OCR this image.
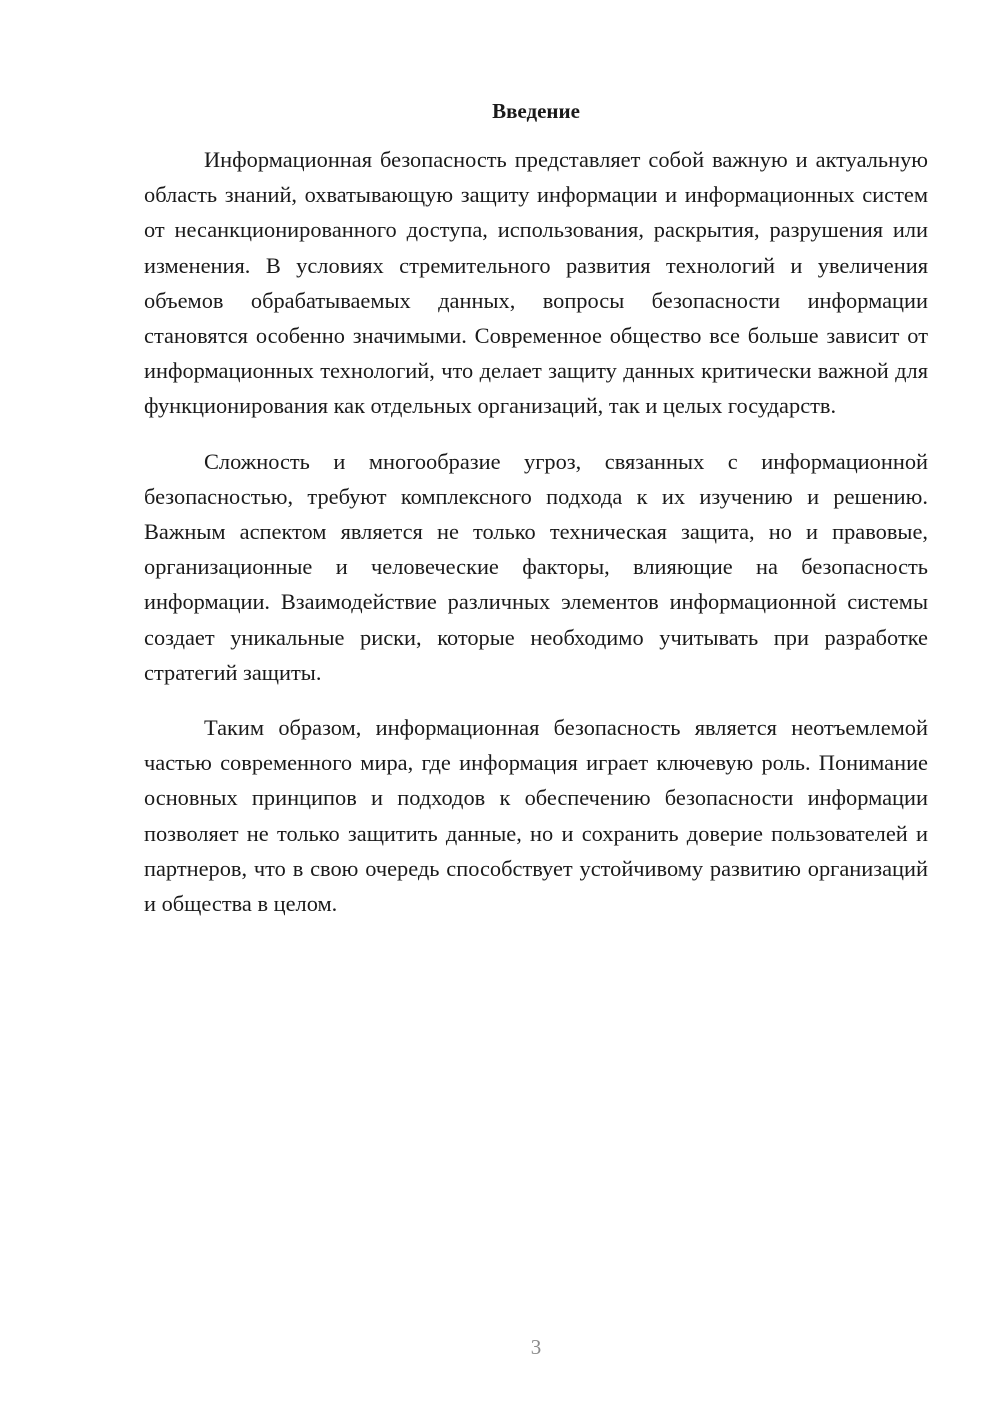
Введение

Информационная безопасность представляет собой важную и актуальную область знаний, охватывающую защиту информации и информационных систем от несанкционированного доступа, использования, раскрытия, разрушения или изменения. В условиях стремительного развития технологий и увеличения объемов обрабатываемых данных, вопросы безопасности информации становятся особенно значимыми. Современное общество все больше зависит от информационных технологий, что делает защиту данных критически важной для функционирования как отдельных организаций, так и целых государств.

Сложность и многообразие угроз, связанных с информационной безопасностью, требуют комплексного подхода к их изучению и решению. Важным аспектом является не только техническая защита, но и правовые, организационные и человеческие факторы, влияющие на безопасность информации. Взаимодействие различных элементов информационной системы создает уникальные риски, которые необходимо учитывать при разработке стратегий защиты.

Таким образом, информационная безопасность является неотъемлемой частью современного мира, где информация играет ключевую роль. Понимание основных принципов и подходов к обеспечению безопасности информации позволяет не только защитить данные, но и сохранить доверие пользователей и партнеров, что в свою очередь способствует устойчивому развитию организаций и общества в целом.

3
